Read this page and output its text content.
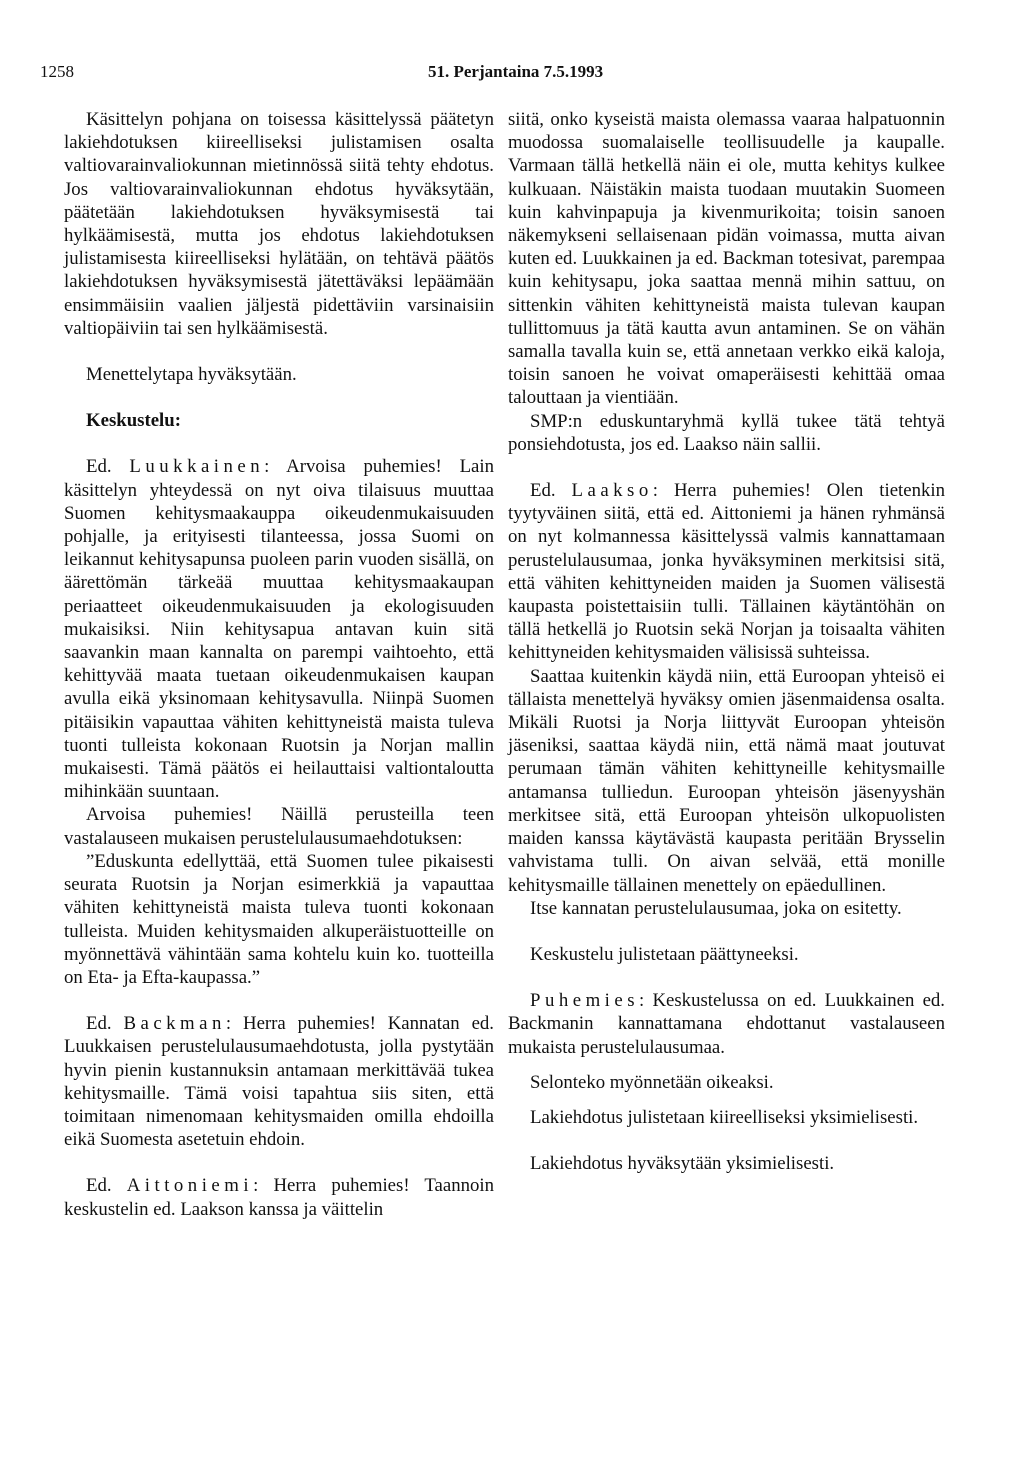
1258	51. Perjantaina 7.5.1993

Käsittelyn pohjana on toisessa käsittelyssä päätetyn lakiehdotuksen kiireelliseksi julistamisen osalta valtiovarainvaliokunnan mietinnössä siitä tehty ehdotus. Jos valtiovarainvaliokunnan ehdotus hyväksytään, päätetään lakiehdotuksen hyväksymisestä tai hylkäämisestä, mutta jos ehdotus lakiehdotuksen julistamisesta kiireelliseksi hylätään, on tehtävä päätös lakiehdotuksen hyväksymisestä jätettäväksi lepäämään ensimmäisiin vaalien jäljestä pidettäviin varsinaisiin valtiopäiviin tai sen hylkäämisestä.

Menettelytapa hyväksytään.

Keskustelu:

Ed. Luukkainen: Arvoisa puhemies! Lain käsittelyn yhteydessä on nyt oiva tilaisuus muuttaa Suomen kehitysmaakauppa oikeudenmukaisuuden pohjalle, ja erityisesti tilanteessa, jossa Suomi on leikannut kehitysapunsa puoleen parin vuoden sisällä, on äärettömän tärkeää muuttaa kehitysmaakaupan periaatteet oikeudenmukaisuuden ja ekologisuuden mukaisiksi. Niin kehitysapua antavan kuin sitä saavankin maan kannalta on parempi vaihtoehto, että kehittyvää maata tuetaan oikeudenmukaisen kaupan avulla eikä yksinomaan kehitysavulla. Niinpä Suomen pitäisikin vapauttaa vähiten kehittyneistä maista tuleva tuonti tulleista kokonaan Ruotsin ja Norjan mallin mukaisesti. Tämä päätös ei heilauttaisi valtiontaloutta mihinkään suuntaan.

Arvoisa puhemies! Näillä perusteilla teen vastalauseen mukaisen perustelulausumaehdotuksen:

”Eduskunta edellyttää, että Suomen tulee pikaisesti seurata Ruotsin ja Norjan esimerkkiä ja vapauttaa vähiten kehittyneistä maista tuleva tuonti kokonaan tulleista. Muiden kehitysmaiden alkuperäistuotteille on myönnettävä vähintään sama kohtelu kuin ko. tuotteilla on Eta- ja Efta-kaupassa.”

Ed. Backman: Herra puhemies! Kannatan ed. Luukkaisen perustelulausumaehdotusta, jolla pystytään hyvin pienin kustannuksin antamaan merkittävää tukea kehitysmaille. Tämä voisi tapahtua siis siten, että toimitaan nimenomaan kehitysmaiden omilla ehdoilla eikä Suomesta asetetuin ehdoin.

Ed. Aittoniemi: Herra puhemies! Taannoin keskustelin ed. Laakson kanssa ja väittelin

siitä, onko kyseistä maista olemassa vaaraa halpatuonnin muodossa suomalaiselle teollisuudelle ja kaupalle. Varmaan tällä hetkellä näin ei ole, mutta kehitys kulkee kulkuaan. Näistäkin maista tuodaan muutakin Suomeen kuin kahvinpapuja ja kivenmurikoita; toisin sanoen näkemykseni sellaisenaan pidän voimassa, mutta aivan kuten ed. Luukkainen ja ed. Backman totesivat, parempaa kuin kehitysapu, joka saattaa mennä mihin sattuu, on sittenkin vähiten kehittyneistä maista tulevan kaupan tullittomuus ja tätä kautta avun antaminen. Se on vähän samalla tavalla kuin se, että annetaan verkko eikä kaloja, toisin sanoen he voivat omaperäisesti kehittää omaa talouttaan ja vientiään.

SMP:n eduskuntaryhmä kyllä tukee tätä tehtyä ponsiehdotusta, jos ed. Laakso näin sallii.

Ed. Laakso: Herra puhemies! Olen tietenkin tyytyväinen siitä, että ed. Aittoniemi ja hänen ryhmänsä on nyt kolmannessa käsittelyssä valmis kannattamaan perustelulausumaa, jonka hyväksyminen merkitsisi sitä, että vähiten kehittyneiden maiden ja Suomen välisestä kaupasta poistettaisiin tulli. Tällainen käytäntöhän on tällä hetkellä jo Ruotsin sekä Norjan ja toisaalta vähiten kehittyneiden kehitysmaiden välisissä suhteissa.

Saattaa kuitenkin käydä niin, että Euroopan yhteisö ei tällaista menettelyä hyväksy omien jäsenmaidensa osalta. Mikäli Ruotsi ja Norja liittyvät Euroopan yhteisön jäseniksi, saattaa käydä niin, että nämä maat joutuvat perumaan tämän vähiten kehittyneille kehitysmaille antamansa tulliedun. Euroopan yhteisön jäsenyyshän merkitsee sitä, että Euroopan yhteisön ulkopuolisten maiden kanssa käytävästä kaupasta peritään Brysselin vahvistama tulli. On aivan selvää, että monille kehitysmaille tällainen menettely on epäedullinen.

Itse kannatan perustelulausumaa, joka on esitetty.

Keskustelu julistetaan päättyneeksi.

Puhemies: Keskustelussa on ed. Luukkainen ed. Backmanin kannattamana ehdottanut vastalauseen mukaista perustelulausumaa.

Selonteko myönnetään oikeaksi.

Lakiehdotus julistetaan kiireelliseksi yksimielisesti.

Lakiehdotus hyväksytään yksimielisesti.
